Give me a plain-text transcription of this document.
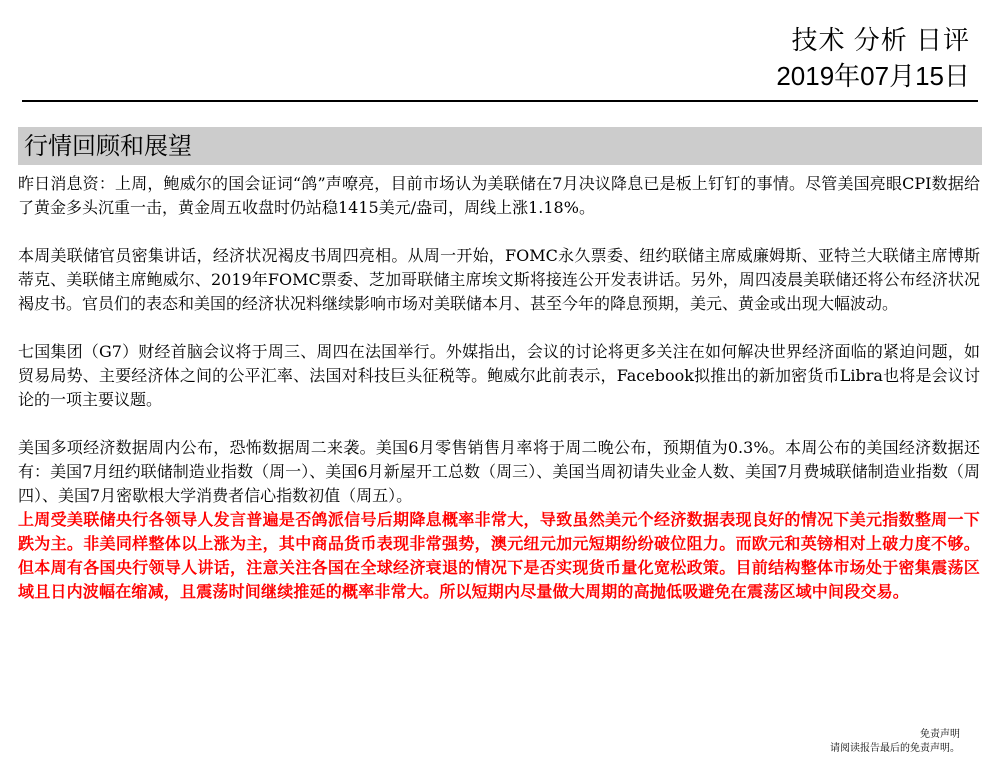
技术 分析 日评
2019年07月15日
行情回顾和展望

昨日消息资：上周，鲍威尔的国会证词“鸽”声嘹亮，目前市场认为美联储在7月决议降息已是板上钉钉的事情。尽管美国亮眼CPI数据给了黄金多头沉重一击，黄金周五收盘时仍站稳1415美元/盎司，周线上涨1.18%。

本周美联储官员密集讲话，经济状况褐皮书周四亮相。从周一开始，FOMC永久票委、纽约联储主席威廉姆斯、亚特兰大联储主席博斯蒂克、美联储主席鲍威尔、2019年FOMC票委、芝加哥联储主席埃文斯将接连公开发表讲话。另外，周四凌晨美联储还将公布经济状况褐皮书。官员们的表态和美国的经济状况料继续影响市场对美联储本月、甚至今年的降息预期，美元、黄金或出现大幅波动。

七国集团（G7）财经首脑会议将于周三、周四在法国举行。外媒指出，会议的讨论将更多关注在如何解决世界经济面临的紧迫问题，如贸易局势、主要经济体之间的公平汇率、法国对科技巨头征税等。鲍威尔此前表示，Facebook拟推出的新加密货币Libra也将是会议讨论的一项主要议题。

美国多项经济数据周内公布，恐怖数据周二来袭。美国6月零售销售月率将于周二晚公布，预期值为0.3%。本周公布的美国经济数据还有：美国7月纽约联储制造业指数（周一）、美国6月新屋开工总数（周三）、美国当周初请失业金人数、美国7月费城联储制造业指数（周四）、美国7月密歇根大学消费者信心指数初值（周五）。

上周受美联储央行各领导人发言普遍是否鸽派信号后期降息概率非常大，导致虽然美元个经济数据表现良好的情况下美元指数整周一下跌为主。非美同样整体以上涨为主，其中商品货币表现非常强势，澳元纽元加元短期纷纷破位阻力。而欧元和英镑相对上破力度不够。但本周有各国央行领导人讲话，注意关注各国在全球经济衰退的情况下是否实现货币量化宽松政策。目前结构整体市场处于密集震荡区域且日内波幅在缩减，且震荡时间继续推延的概率非常大。所以短期内尽量做大周期的高抛低吸避免在震荡区域中间段交易。

免责声明
请阅读报告最后的免责声明。
